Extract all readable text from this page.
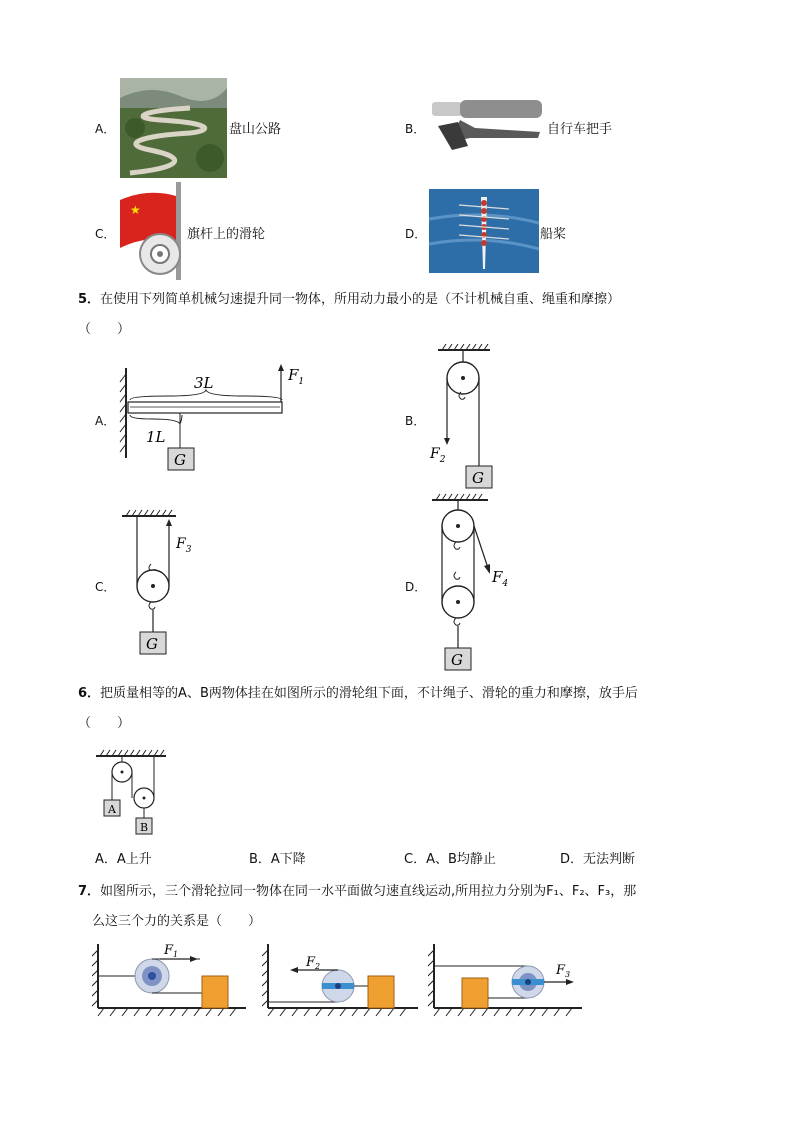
A．	盘山公路	B．	自行车把手
C．
★
旗杆上的滑轮	D．	船桨
5．在使用下列简单机械匀速提升同一物体，所用动力最小的是（不计机械自重、绳重和摩擦）
（　　）
A．	B．
C．	D．
3L
1L
G
$F_1$
G
$F_2$
$F_3$
G
$F_4$
G
6．把质量相等的A、B两物体挂在如图所示的滑轮组下面，不计绳子、滑轮的重力和摩擦，放手后
（　　）
A
B
A．A上升	B．A下降	C．A、B均静止	D．无法判断
7．如图所示，三个滑轮拉同一物体在同一水平面做匀速直线运动,所用拉力分别为F₁、F₂、F₃，那
么这三个力的关系是（　　）
$F_1$
$F_2$	$F_3$
